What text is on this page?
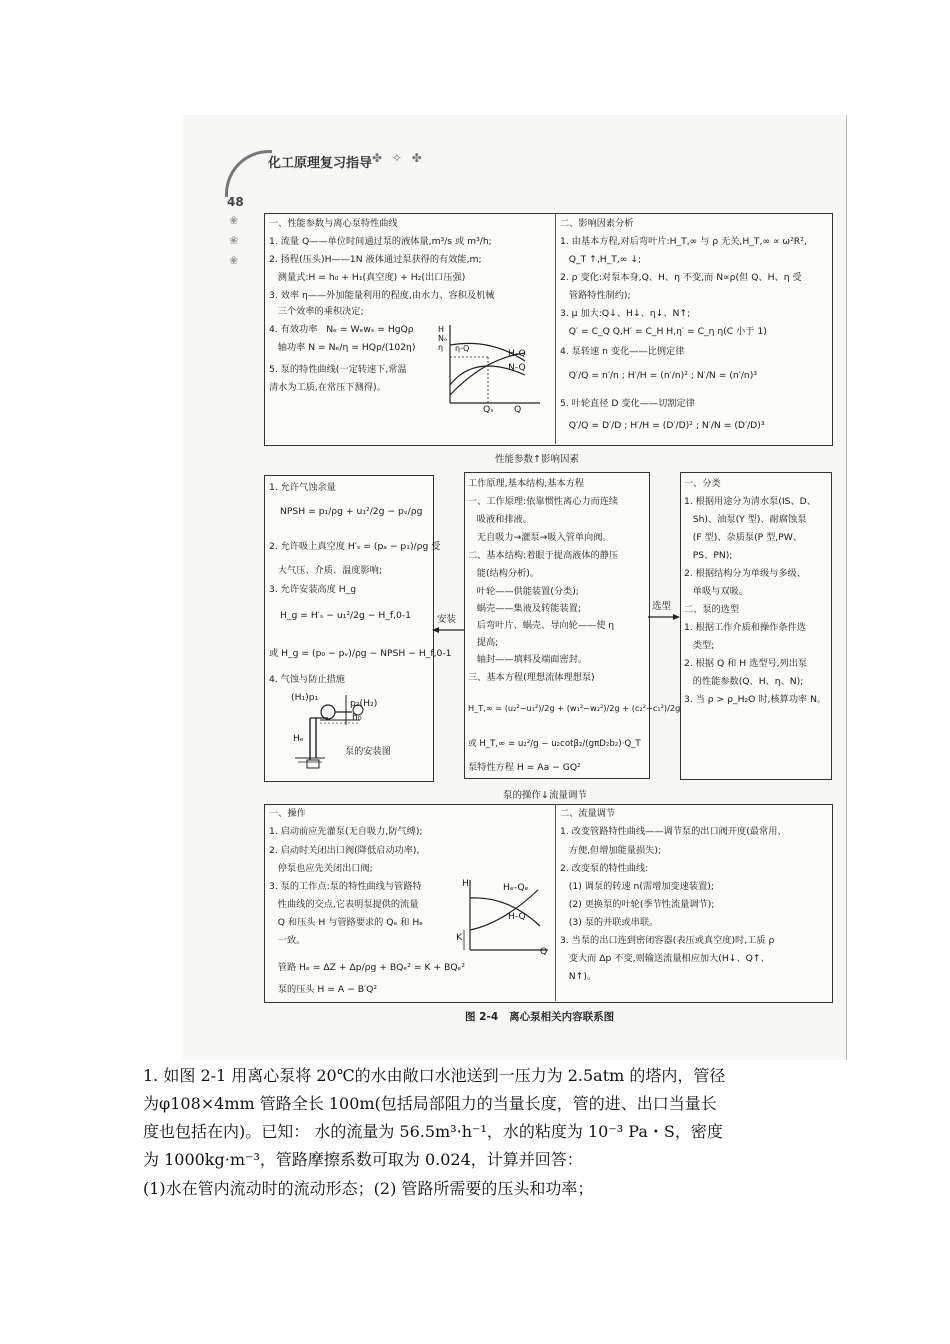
化工原理复习指导 ✤ ✧ ✤
48
❀
❀
❀
一、性能参数与离心泵特性曲线
1. 流量 Q——单位时间通过泵的液体量,m³/s 或 m³/h;
2. 扬程(压头)H——1N 液体通过泵获得的有效能,m;
测量式:H = h₀ + H₁(真空度) + H₂(出口压强)
3. 效率 η——外加能量利用的程度,由水力、容积及机械
三个效率的乘积决定;
4. 有效功率   Nₑ = Wₑwₛ = HgQρ
轴功率 N = Nₑ/η = HQρ/(102η)
5. 泵的特性曲线(一定转速下,常温
清水为工质,在常压下测得)。
H Nₑ η
H-Q
N-Q
η-Q
Qₛ Q
二、影响因素分析
1. 由基本方程,对后弯叶片:H_T,∞ 与 ρ 无关,H_T,∞ ∝ ω²R²,
Q_T ↑,H_T,∞ ↓;
2. ρ 变化:对泵本身,Q、H、η 不变,而 N∝ρ(但 Q、H、η 受
管路特性制约);
3. μ 加大:Q↓、H↓、η↓、N↑;
Q′ = C_Q Q,H′ = C_H H,η′ = C_η η(C 小于 1)
4. 泵转速 n 变化——比例定律
Q′/Q = n′/n ; H′/H = (n′/n)² ; N′/N = (n′/n)³
5. 叶轮直径 D 变化——切割定律
Q′/Q = D′/D ; H′/H = (D′/D)² ; N′/N = (D′/D)³
性能参数↑影响因素
1. 允许气蚀余量
NPSH = p₁/ρg + u₁²/2g − pᵥ/ρg
2. 允许吸上真空度 H′ₛ = (pₐ − p₁)/ρg 受
大气压、介质、温度影响;
3. 允许安装高度 H_g
H_g = H′ₛ − u₁²/2g − H_f,0-1
或 H_g = (p₀ − pᵥ)/ρg − NPSH − H_f,0-1
4. 气蚀与防止措施
(H₁)p₁
p₂(H₂)
h₀
Hₑ
泵的安装图
安装
工作原理,基本结构,基本方程
一、工作原理:依靠惯性离心力而连续
吸液和排液。
无自吸力→灌泵→吸入管单向阀。
二、基本结构:着眼于提高液体的静压
能(结构分析)。
叶轮——供能装置(分类);
蜗壳——集液及转能装置;
后弯叶片、蜗壳、导向轮——使 η
提高;
轴封——填料及端面密封。
三、基本方程(理想流体理想泵)
H_T,∞ = (u₂²−u₁²)/2g + (w₁²−w₂²)/2g + (c₂²−c₁²)/2g
或 H_T,∞ = u₂²/g − u₂cotβ₂/(gπD₂b₂)·Q_T
泵特性方程 H = Aa − GQ²
选型
一、分类
1. 根据用途分为清水泵(IS、D、
Sh)、油泵(Y 型)、耐腐蚀泵
(F 型)、杂质泵(P 型,PW、
PS、PN);
2. 根据结构分为单级与多级、
单吸与双吸。
二、泵的选型
1. 根据工作介质和操作条件选
类型;
2. 根据 Q 和 H 选型号,列出泵
的性能参数(Q、H、η、N);
3. 当 ρ > ρ_H₂O 时,核算功率 N。
泵的操作↓流量调节
一、操作
1. 启动前应先灌泵(无自吸力,防气缚);
2. 启动时关闭出口阀(降低启动功率),
停泵也应先关闭出口阀;
3. 泵的工作点:泵的特性曲线与管路特
性曲线的交点,它表明泵提供的流量
Q 和压头 H 与管路要求的 Qₑ 和 Hₑ
一致。
管路 Hₑ = ΔZ + Δp/ρg + BQₑ² = K + BQₑ²
泵的压头 H = A − B′Q²
H	Hₑ-Qₑ
H-Q
K
Q
二、流量调节
1. 改变管路特性曲线——调节泵的出口阀开度(最常用、
方便,但增加能量损失);
2. 改变泵的特性曲线:
(1) 调泵的转速 n(需增加变速装置);
(2) 更换泵的叶轮(季节性流量调节);
(3) 泵的并联或串联。
3. 当泵的出口连到密闭容器(表压或真空度)时,工质 ρ
变大而 Δp 不变,则输送流量相应加大(H↓、Q↑、
N↑)。
图 2-4   离心泵相关内容联系图
1. 如图 2-1 用离心泵将 20℃的水由敞口水池送到一压力为 2.5atm 的塔内，管径
为φ108×4mm 管路全长 100m(包括局部阻力的当量长度，管的进、出口当量长
度也包括在内)。已知： 水的流量为 56.5m³·h⁻¹，水的粘度为 10⁻³ Pa・S，密度
为 1000kg·m⁻³，管路摩擦系数可取为 0.024，计算并回答：
(1)水在管内流动时的流动形态；(2) 管路所需要的压头和功率；
